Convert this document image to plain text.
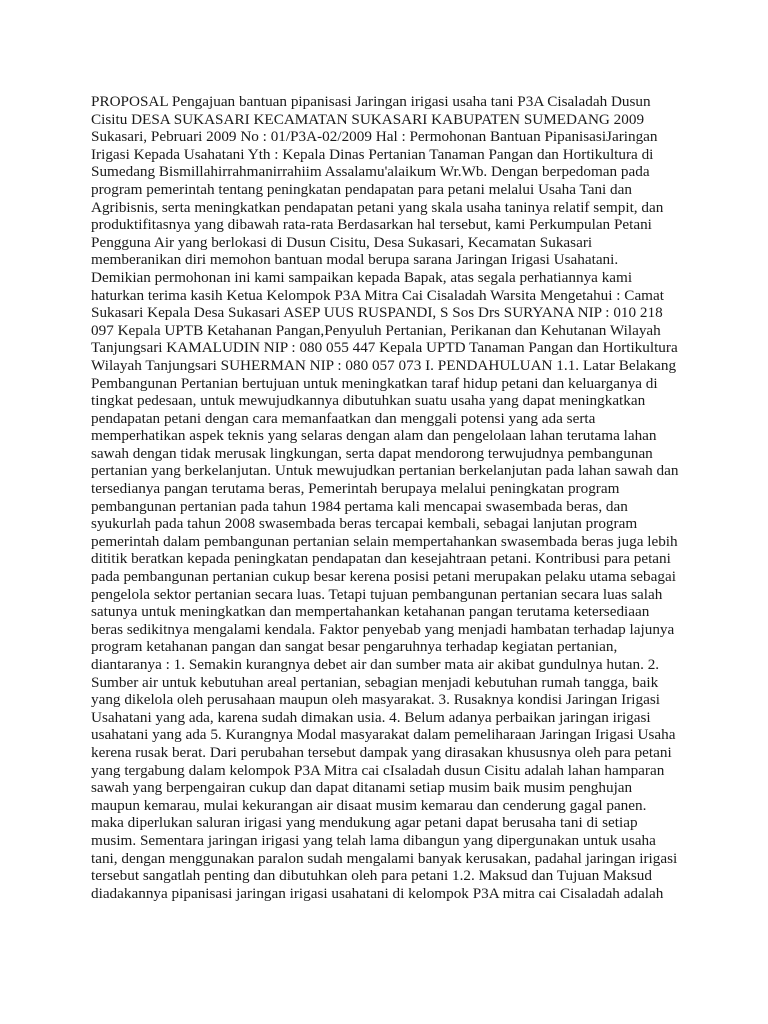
PROPOSAL Pengajuan bantuan pipanisasi Jaringan irigasi usaha tani P3A Cisaladah Dusun Cisitu DESA SUKASARI KECAMATAN SUKASARI KABUPATEN SUMEDANG 2009 Sukasari, Pebruari 2009 No : 01/P3A-02/2009 Hal : Permohonan Bantuan PipanisasiJaringan Irigasi Kepada Usahatani Yth : Kepala Dinas Pertanian Tanaman Pangan dan Hortikultura di Sumedang Bismillahirrahmanirrahiim Assalamu'alaikum Wr.Wb. Dengan berpedoman pada program pemerintah tentang peningkatan pendapatan para petani melalui Usaha Tani dan Agribisnis, serta meningkatkan pendapatan petani yang skala usaha taninya relatif sempit, dan produktifitasnya yang dibawah rata-rata Berdasarkan hal tersebut, kami Perkumpulan Petani Pengguna Air yang berlokasi di Dusun Cisitu, Desa Sukasari, Kecamatan Sukasari memberanikan diri memohon bantuan modal berupa sarana Jaringan Irigasi Usahatani. Demikian permohonan ini kami sampaikan kepada Bapak, atas segala perhatiannya kami haturkan terima kasih Ketua Kelompok P3A Mitra Cai Cisaladah Warsita Mengetahui : Camat Sukasari Kepala Desa Sukasari ASEP UUS RUSPANDI, S Sos Drs SURYANA NIP : 010 218 097 Kepala UPTB Ketahanan Pangan,Penyuluh Pertanian, Perikanan dan Kehutanan Wilayah Tanjungsari KAMALUDIN NIP : 080 055 447 Kepala UPTD Tanaman Pangan dan Hortikultura Wilayah Tanjungsari SUHERMAN NIP : 080 057 073 I. PENDAHULUAN 1.1. Latar Belakang Pembangunan Pertanian bertujuan untuk meningkatkan taraf hidup petani dan keluarganya di tingkat pedesaan, untuk mewujudkannya dibutuhkan suatu usaha yang dapat meningkatkan pendapatan petani dengan cara memanfaatkan dan menggali potensi yang ada serta memperhatikan aspek teknis yang selaras dengan alam dan pengelolaan lahan terutama lahan sawah dengan tidak merusak lingkungan, serta dapat mendorong terwujudnya pembangunan pertanian yang berkelanjutan. Untuk mewujudkan pertanian berkelanjutan pada lahan sawah dan tersedianya pangan terutama beras, Pemerintah berupaya melalui peningkatan program pembangunan pertanian pada tahun 1984 pertama kali mencapai swasembada beras, dan syukurlah pada tahun 2008 swasembada beras tercapai kembali, sebagai lanjutan program pemerintah dalam pembangunan pertanian selain mempertahankan swasembada beras juga lebih dititik beratkan kepada peningkatan pendapatan dan kesejahtraan petani. Kontribusi para petani pada pembangunan pertanian cukup besar kerena posisi petani merupakan pelaku utama sebagai pengelola sektor pertanian secara luas. Tetapi tujuan pembangunan pertanian secara luas salah satunya untuk meningkatkan dan mempertahankan ketahanan pangan terutama ketersediaan beras sedikitnya mengalami kendala. Faktor penyebab yang menjadi hambatan terhadap lajunya program ketahanan pangan dan sangat besar pengaruhnya terhadap kegiatan pertanian, diantaranya : 1. Semakin kurangnya debet air dan sumber mata air akibat gundulnya hutan. 2. Sumber air untuk kebutuhan areal pertanian, sebagian menjadi kebutuhan rumah tangga, baik yang dikelola oleh perusahaan maupun oleh masyarakat. 3. Rusaknya kondisi Jaringan Irigasi Usahatani yang ada, karena sudah dimakan usia. 4. Belum adanya perbaikan jaringan irigasi usahatani yang ada 5. Kurangnya Modal masyarakat dalam pemeliharaan Jaringan Irigasi Usaha kerena rusak berat. Dari perubahan tersebut dampak yang dirasakan khususnya oleh para petani yang tergabung dalam kelompok P3A Mitra cai cIsaladah dusun Cisitu adalah lahan hamparan sawah yang berpengairan cukup dan dapat ditanami setiap musim baik musim penghujan maupun kemarau, mulai kekurangan air disaat musim kemarau dan cenderung gagal panen. maka diperlukan saluran irigasi yang mendukung agar petani dapat berusaha tani di setiap musim. Sementara jaringan irigasi yang telah lama dibangun yang dipergunakan untuk usaha tani, dengan menggunakan paralon sudah mengalami banyak kerusakan, padahal jaringan irigasi tersebut sangatlah penting dan dibutuhkan oleh para petani 1.2. Maksud dan Tujuan Maksud diadakannya pipanisasi jaringan irigasi usahatani di kelompok P3A mitra cai Cisaladah adalah
